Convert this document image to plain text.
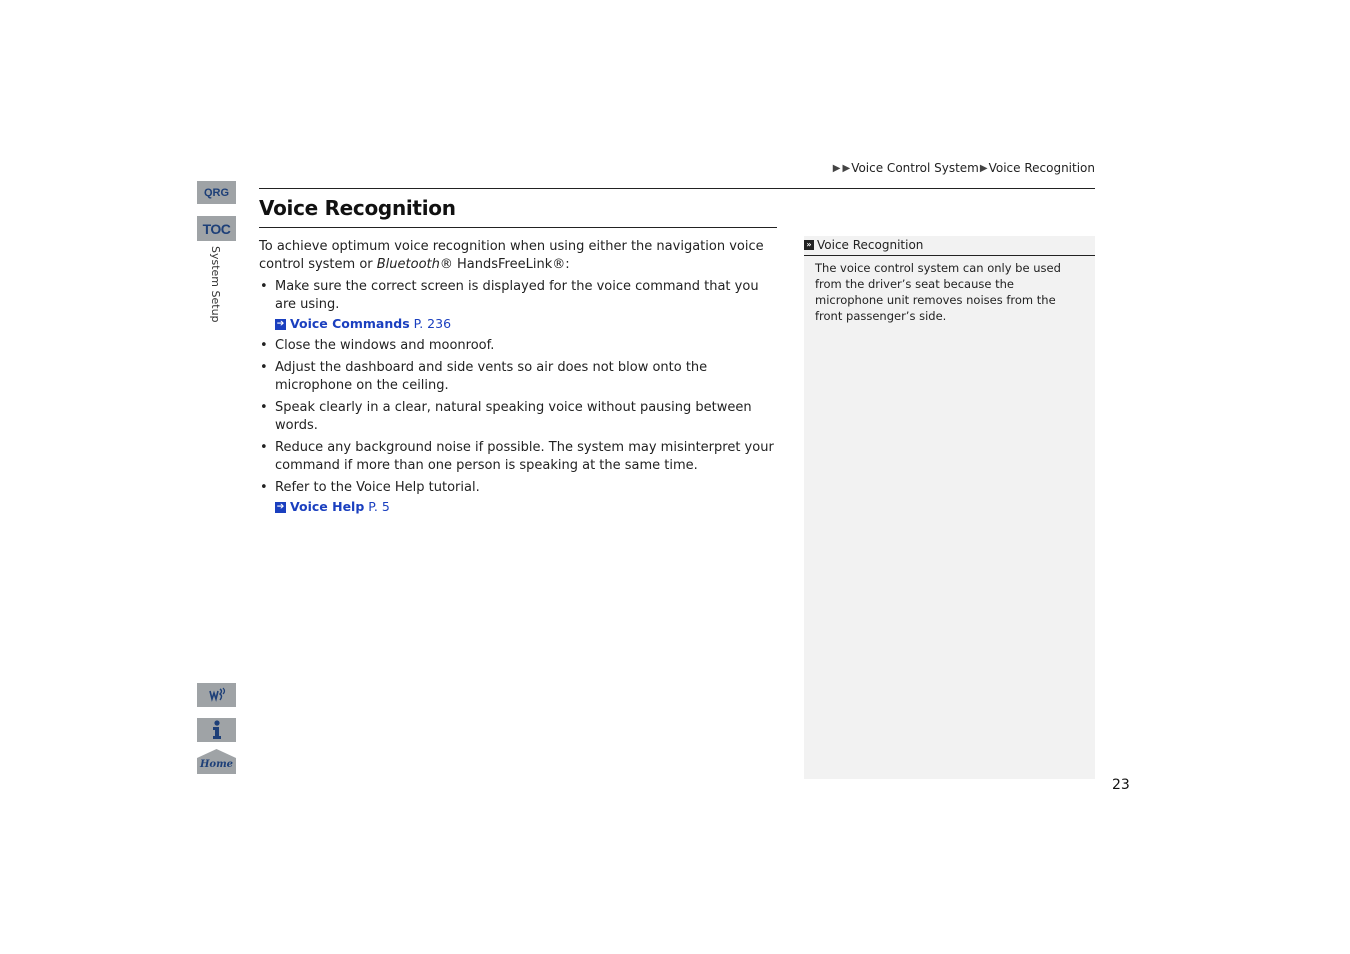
QRG
TOC
System Setup
Home
▶ ▶ Voice Control System ▶ Voice Recognition
Voice Recognition

To achieve optimum voice recognition when using either the navigation voice control system or Bluetooth® HandsFreeLink®:

• Make sure the correct screen is displayed for the voice command that you are using.
➔ Voice Commands P. 236
• Close the windows and moonroof.
• Adjust the dashboard and side vents so air does not blow onto the microphone on the ceiling.
• Speak clearly in a clear, natural speaking voice without pausing between words.
• Reduce any background noise if possible. The system may misinterpret your command if more than one person is speaking at the same time.
• Refer to the Voice Help tutorial.
➔ Voice Help P. 5
» Voice Recognition
The voice control system can only be used from the driver’s seat because the microphone unit removes noises from the front passenger’s side.
23
